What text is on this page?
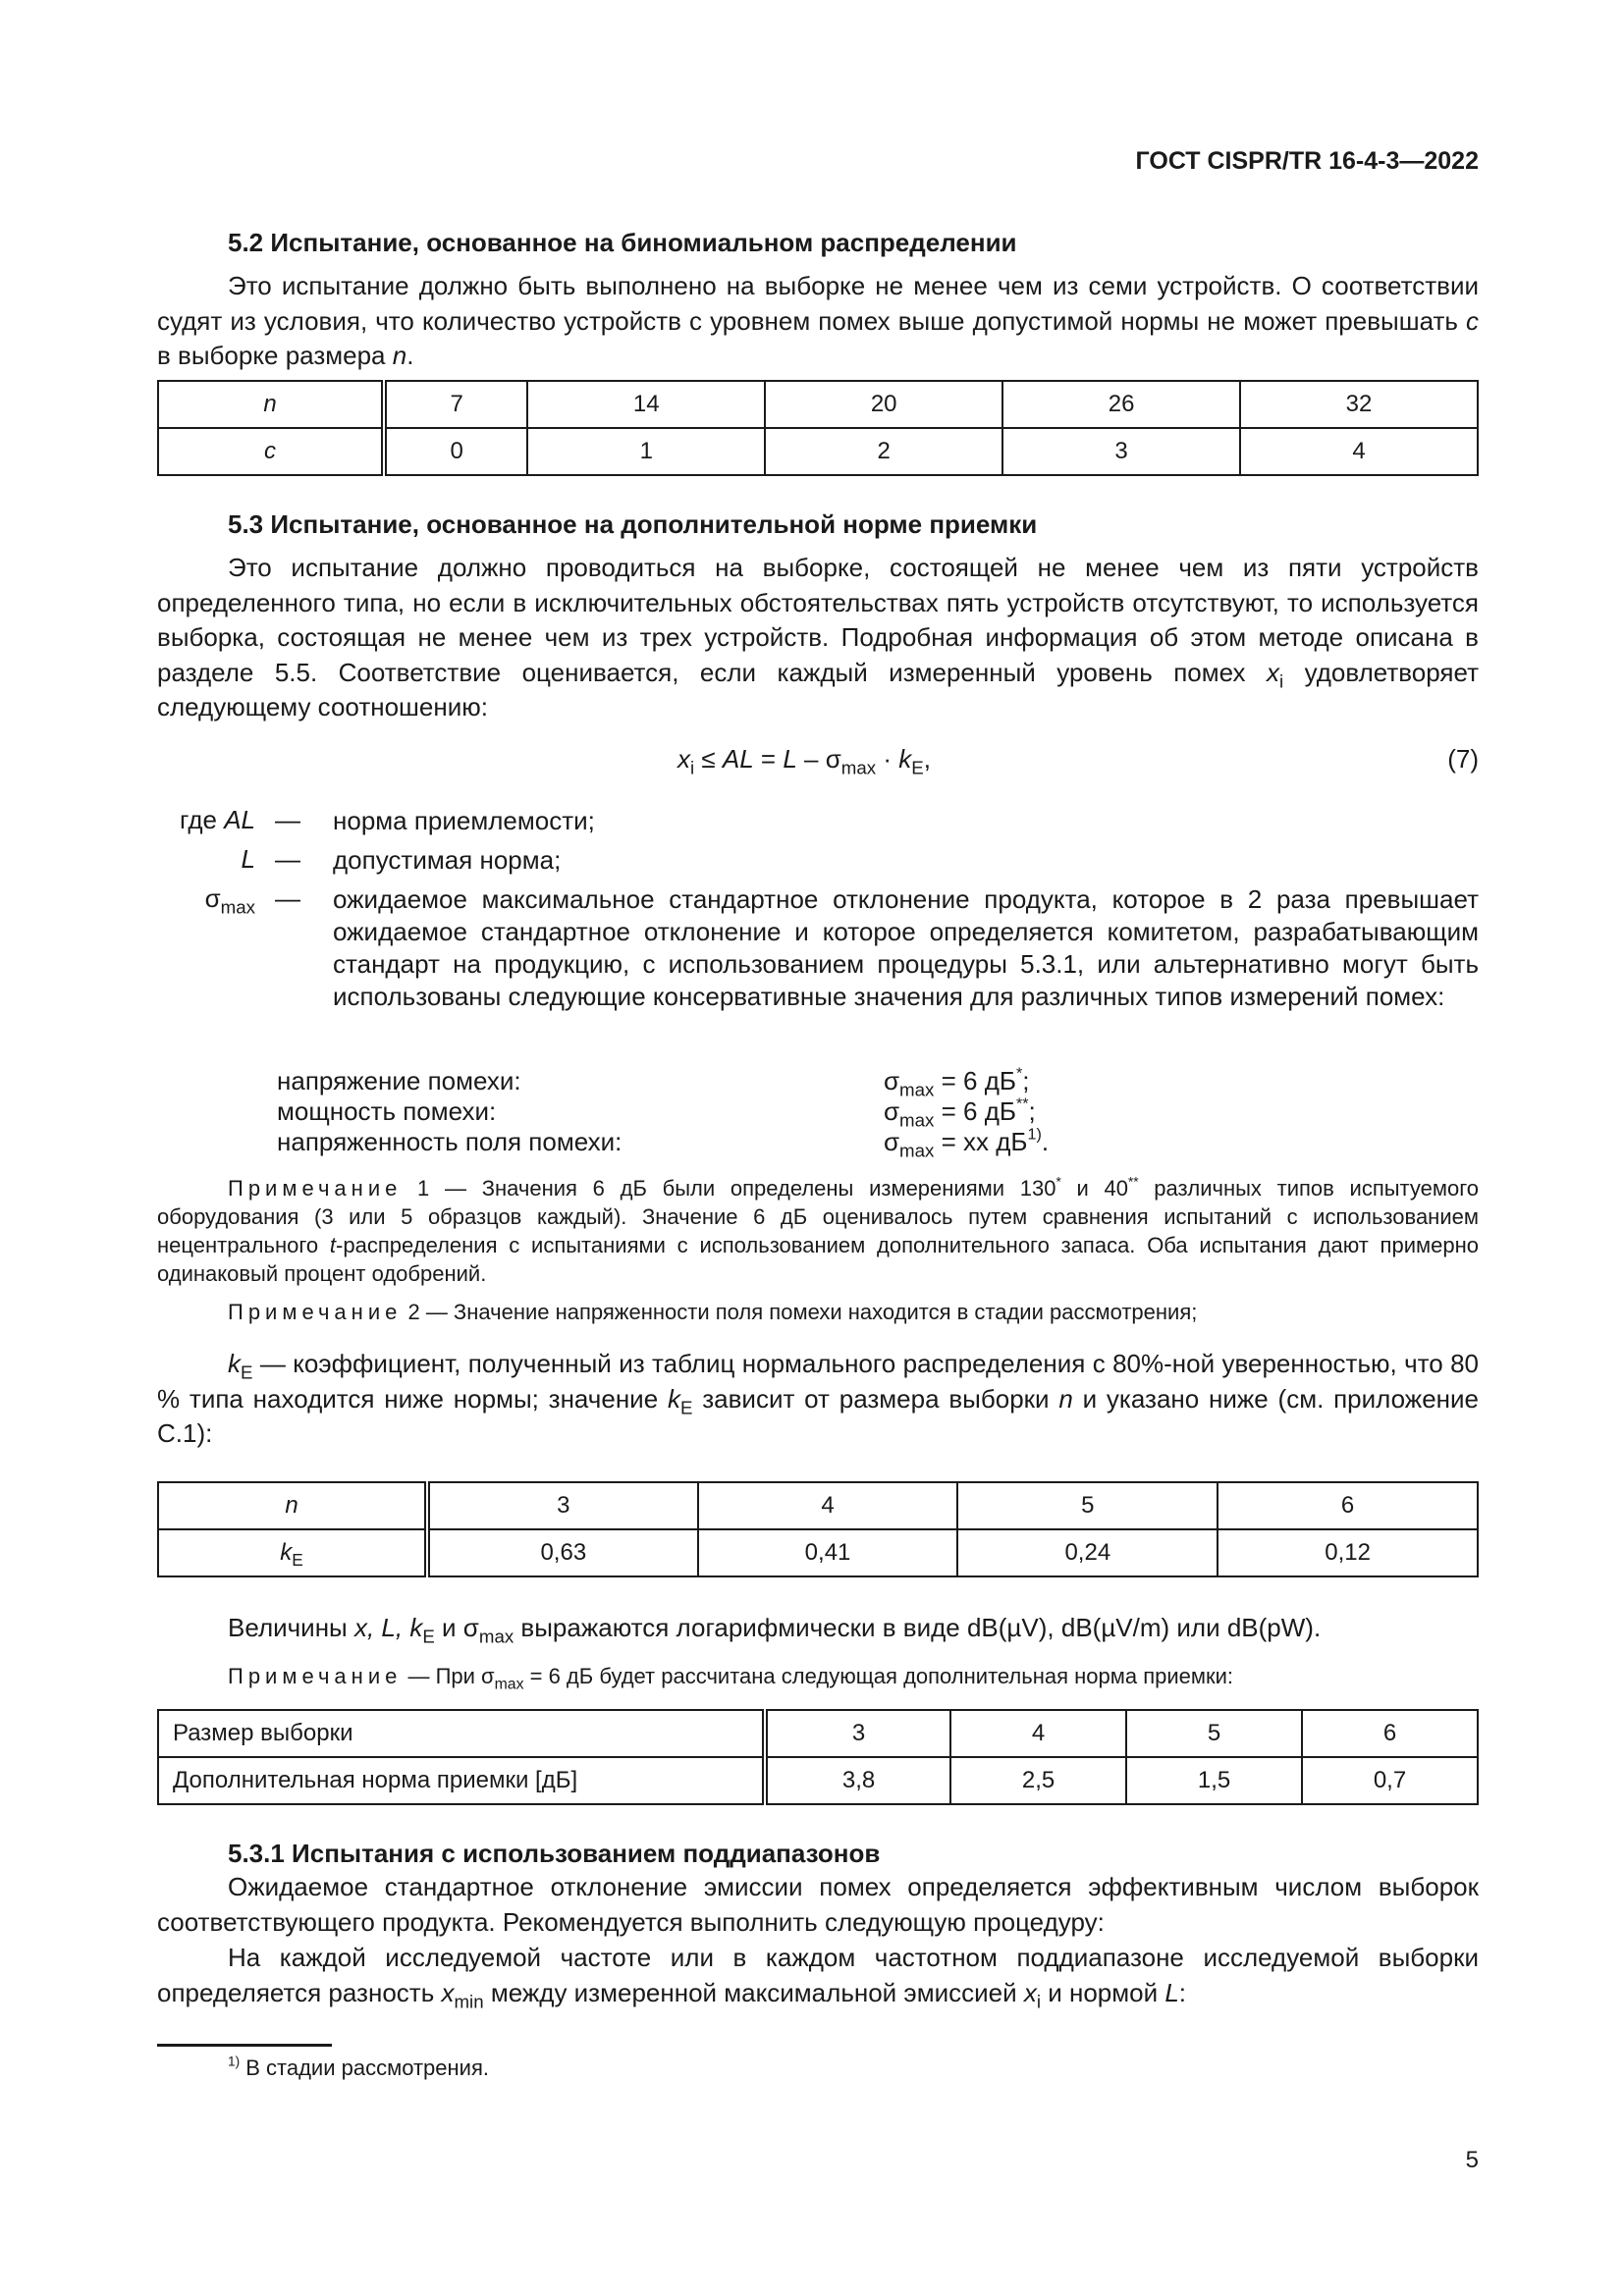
ГОСТ CISPR/TR 16-4-3—2022
5.2 Испытание, основанное на биномиальном распределении

Это испытание должно быть выполнено на выборке не менее чем из семи устройств. О соответствии судят из условия, что количество устройств с уровнем помех выше допустимой нормы не может превышать c в выборке размера n.

n	7	14	20	26	32
c	0	1	2	3	4
5.3 Испытание, основанное на дополнительной норме приемки

Это испытание должно проводиться на выборке, состоящей не менее чем из пяти устройств определенного типа, но если в исключительных обстоятельствах пять устройств отсутствуют, то используется выборка, состоящая не менее чем из трех устройств. Подробная информация об этом методе описана в разделе 5.5. Соответствие оценивается, если каждый измеренный уровень помех $x_i$ удовлетворяет следующему соотношению:

$x_i$ ≤ AL = $L - \sigma_{max} \cdot k_E$,	(7)
где AL — норма приемлемости;
L — допустимая норма;
$\sigma_{max}$ — ожидаемое максимальное стандартное отклонение продукта, которое в 2 раза превышает ожидаемое стандартное отклонение и которое определяется комитетом, разрабатывающим стандарт на продукцию, с использованием процедуры 5.3.1, или альтернативно могут быть использованы следующие консервативные значения для различных типов измерений помех:
напряжение помехи:	$\sigma_{max} = 6$ дБ*;
мощность помехи:	$\sigma_{max} = 6$ дБ**;
напряженность поля помехи:	$\sigma_{max}$ = хх $дБ^{1)}$.

Примечание 1 — Значения 6 дБ были определены измерениями 130* и 40** различных типов испытуемого оборудования (3 или 5 образцов каждый). Значение 6 дБ оценивалось путем сравнения испытаний с использованием нецентрального t-распределения с испытаниями с использованием дополнительного запаса. Оба испытания дают примерно одинаковый процент одобрений.

Примечание 2 — Значение напряженности поля помехи находится в стадии рассмотрения;

$k_E$ — коэффициент, полученный из таблиц нормального распределения с 80%-ной уверенностью, что 80 % типа находится ниже нормы; значение $k_E$ зависит от размера выборки n и указано ниже (см. приложение С.1):

n	3	4	5	6
$k_E$	0,63	0,41	0,24	0,12

Величины x, L, $k_E$ и $\sigma_{max}$ выражаются логарифмически в виде dB(µV), dB(µV/m) или dB(pW).

Примечание — При $\sigma_{max} = 6$ дБ будет рассчитана следующая дополнительная норма приемки:

Размер выборки	3	4	5	6
Дополнительная норма приемки [дБ]	3,8	2,5	1,5	0,7
5.3.1 Испытания с использованием поддиапазонов

Ожидаемое стандартное отклонение эмиссии помех определяется эффективным числом выборок соответствующего продукта. Рекомендуется выполнить следующую процедуру:

На каждой исследуемой частоте или в каждом частотном поддиапазоне исследуемой выборки определяется разность $x_{min}$ между измеренной максимальной эмиссией $x_i$ и нормой L:

$^{1)}$ В стадии рассмотрения.
5
